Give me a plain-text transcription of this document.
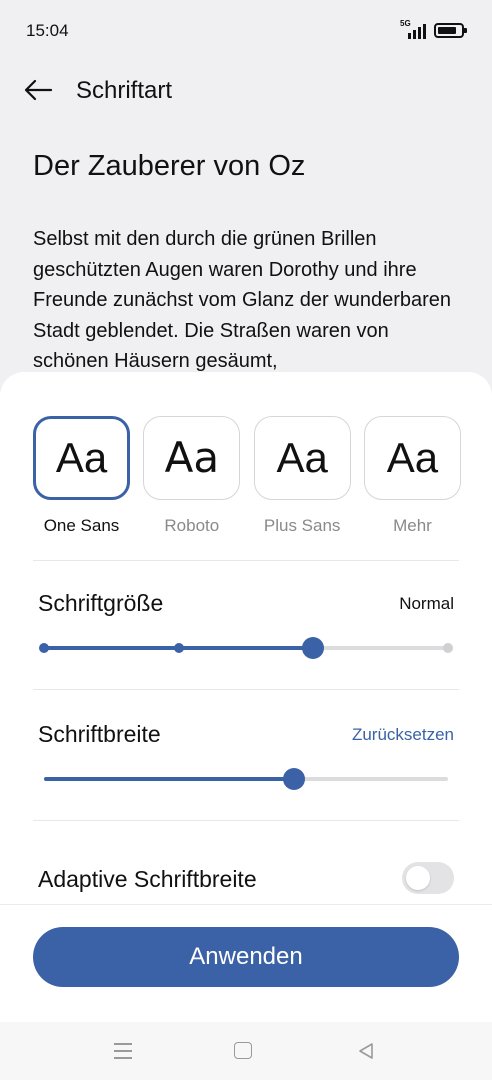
15:04	5G
Schriftart
Der Zauberer von Oz
Selbst mit den durch die grünen Brillen geschützten Augen waren Dorothy und ihre Freunde zunächst vom Glanz der wunderbaren Stadt geblendet. Die Straßen waren von schönen Häusern gesäumt,
Aa
One Sans
Aa
Roboto
Aa
Plus Sans
Aa
Mehr
Schriftgröße	Normal
Schriftbreite	Zurücksetzen
Adaptive Schriftbreite
Anwenden
